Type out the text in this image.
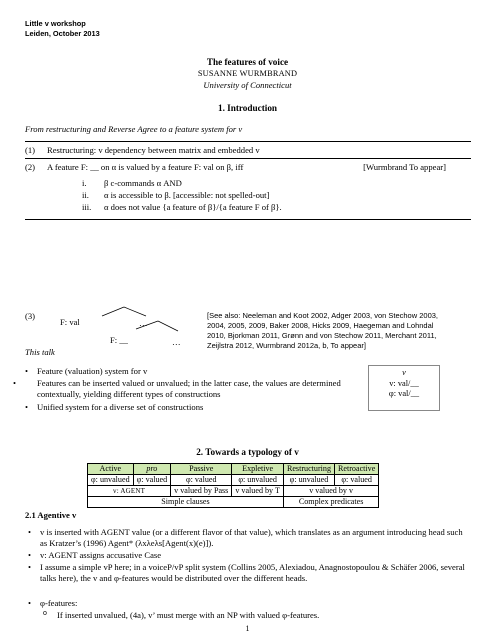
Little v workshop
Leiden, October 2013
The features of voice
SUSANNE WURMBRAND
University of Connecticut
1. Introduction
From restructuring and Reverse Agree to a feature system for v
(1) Restructuring: v dependency between matrix and embedded v
(2) A feature F: __ on α is valued by a feature F: val on β, iff	[Wurmbrand To appear]
i. β c-commands α AND
ii. α is accessible to β. [accessible: not spelled-out]
iii. α does not value {a feature of β}/{a feature F of β}.
(3)
F: val	…
F: __	…
This talk
[See also: Neeleman and Koot 2002, Adger 2003, von Stechow 2003, 2004, 2005, 2009, Baker 2008, Hicks 2009, Haegeman and Lohndal 2010, Bjorkman 2011, Grønn and von Stechow 2011, Merchant 2011, Zeijlstra 2012, Wurmbrand 2012a, b, To appear]
• Feature (valuation) system for v
• Features can be inserted valued or unvalued; in the latter case, the values are determined contextually, yielding different types of constructions
• Unified system for a diverse set of constructions
v
v: val/__
φ: val/__
2. Towards a typology of v
Active	pro	Passive	Expletive	Restructuring	Retroactive
φ: unvalued	φ: valued	φ: valued	φ: unvalued	φ: unvalued	φ: valued
v: AGENT		v valued by Pass	v valued by T	v valued by v	
Simple clauses				Complex predicates	
2.1 Agentive v
• v is inserted with AGENT value (or a different flavor of that value), which translates as an argument introducing head such as Kratzer’s (1996) Agent* (λxλeλs[Agent(x)(e)]).
• v: AGENT assigns accusative Case
• I assume a simple vP here; in a voiceP/vP split system (Collins 2005, Alexiadou, Anagnostopoulou & Schäfer 2006, several talks here), the v and φ-features would be distributed over the different heads.
• φ-features:
o If inserted unvalued, (4a), v’ must merge with an NP with valued φ-features.
1
